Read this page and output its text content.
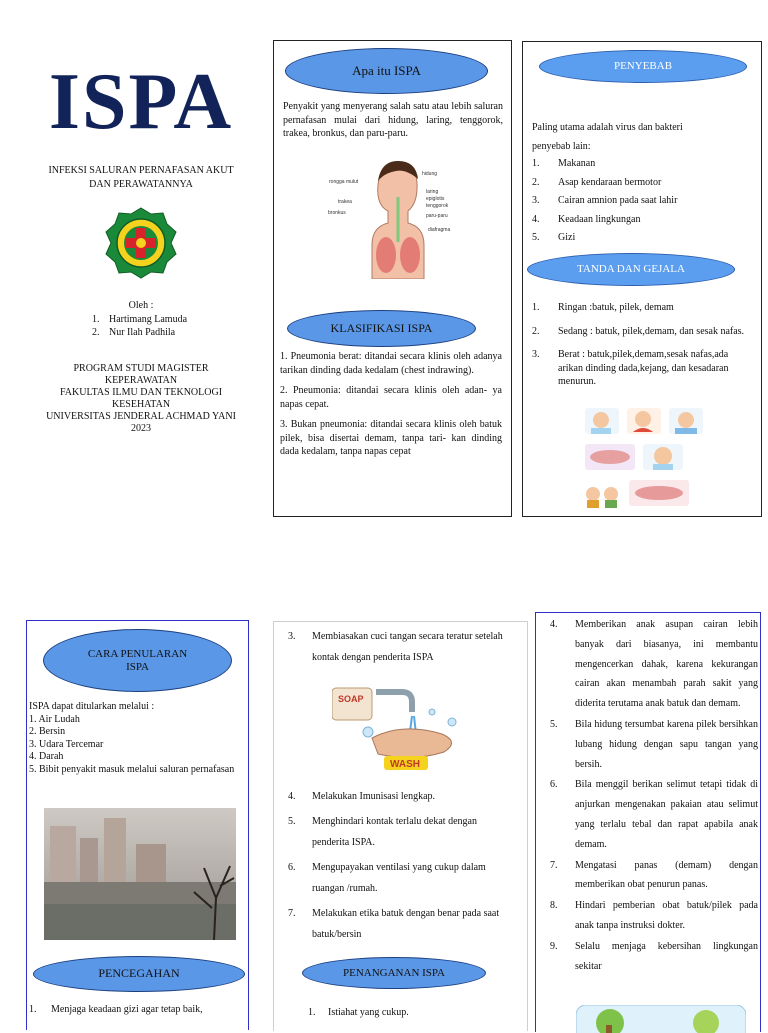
ISPA
INFEKSI SALURAN PERNAFASAN AKUT
DAN PERAWATANNYA
Oleh :
1. Hartimang Lamuda
2. Nur Ilah Padhila
PROGRAM STUDI MAGISTER
KEPERAWATAN
FAKULTAS ILMU DAN TEKNOLOGI
KESEHATAN
UNIVERSITAS JENDERAL ACHMAD YANI
2023
Apa itu ISPA

Penyakit yang menyerang salah satu atau lebih saluran pernafasan mulai dari hidung, laring, tenggorok, trakea, bronkus, dan paru-paru.

rongga mulut
hidung
laring
epiglotis
trakea
tenggorok
bronkus	paru-paru
diafragma
KLASIFIKASI ISPA

1. Pneumonia berat: ditandai secara klinis oleh adanya tarikan dinding dada kedalam (chest indrawing).

2. Pneumonia: ditandai secara klinis oleh adan- ya napas cepat.

3. Bukan pneumonia: ditandai secara klinis oleh batuk pilek, bisa disertai demam, tanpa tari- kan dinding dada kedalam, tanpa napas cepat

PENYEBAB
Paling utama adalah virus dan bakteri
penyebab lain:
1. Makanan
2. Asap kendaraan bermotor
3. Cairan amnion pada saat lahir
4. Keadaan lingkungan
5. Gizi
TANDA DAN GEJALA
1.	Ringan :batuk, pilek, demam
2.	Sedang : batuk, pilek,demam, dan sesak nafas.
3.	Berat : batuk,pilek,demam,sesak nafas,ada arikan dinding dada,kejang, dan kesadaran menurun.
CARA PENULARAN ISPA
ISPA dapat ditularkan melalui :
1. Air Ludah
2. Bersin
3. Udara Tercemar
4. Darah
5. Bibit penyakit masuk melalui saluran pernafasan
PENCEGAHAN
1.	Menjaga keadaan gizi agar tetap baik,
3.	Membiasakan cuci tangan secara teratur setelah kontak dengan penderita ISPA
SOAP
WASH
4.	Melakukan Imunisasi lengkap.
5.	Menghindari kontak terlalu dekat dengan penderita ISPA.
6.	Mengupayakan ventilasi yang cukup dalam ruangan /rumah.
7.	Melakukan etika batuk dengan benar pada saat batuk/bersin
PENANGANAN ISPA
1.	Istiahat yang cukup.
4.	Memberikan anak asupan cairan lebih banyak dari biasanya, ini membantu mengencerkan dahak, karena kekurangan cairan akan menambah parah sakit yang diderita terutama anak batuk dan demam.
5.	Bila hidung tersumbat karena pilek bersihkan lubang hidung dengan sapu tangan yang bersih.
6.	Bila menggil berikan selimut tetapi tidak di anjurkan mengenakan pakaian atau selimut yang terlalu tebal dan rapat apabila anak demam.
7.	Mengatasi panas (demam) dengan memberikan obat penurun panas.
8.	Hindari pemberian obat batuk/pilek pada anak tanpa instruksi dokter.
9.	Selalu menjaga kebersihan lingkungan sekitar
